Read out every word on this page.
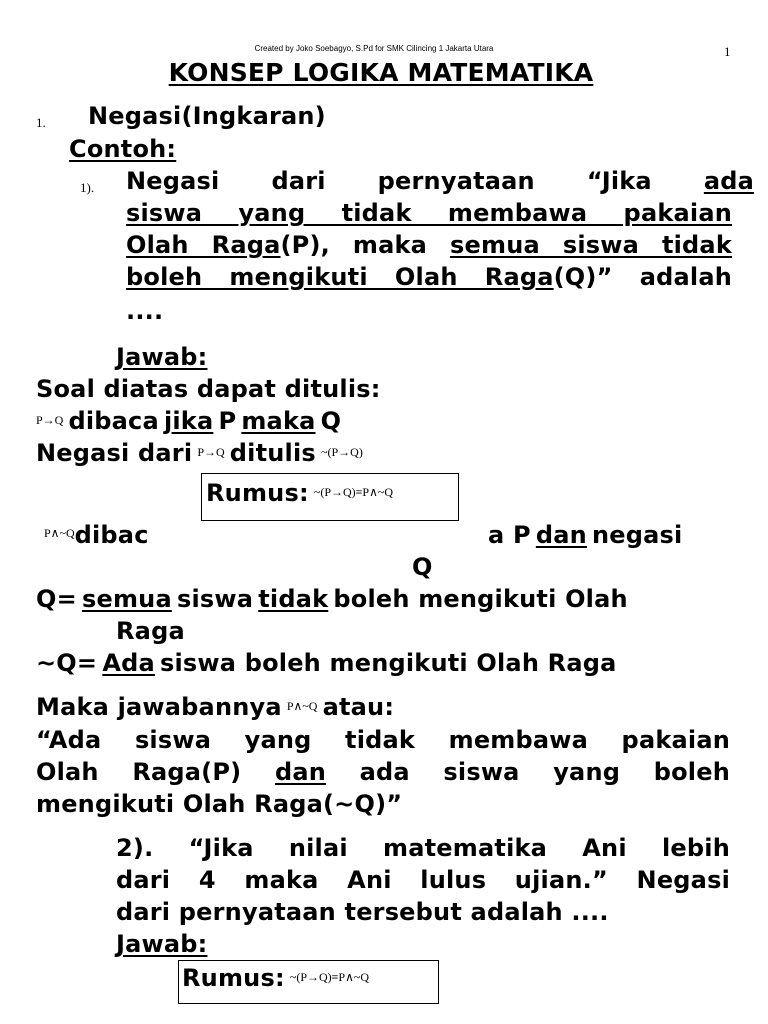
Created by Joko Soebagyo, S.Pd for SMK Cilincing 1 Jakarta Utara	1
KONSEP LOGIKA MATEMATIKA
1. Negasi(Ingkaran)
Contoh:
1). Negasi dari pernyataan “Jika ada
siswa yang tidak membawa pakaian
Olah Raga(P), maka semua siswa tidak
boleh mengikuti Olah Raga(Q)” adalah
....
Jawab:
Soal diatas dapat ditulis:
$^{P\to Q}$ dibaca jika P maka Q
Negasi dari $^{P\to Q}$ ditulis $^{\sim(P\to Q)}$
Rumus: $^{\sim(P\to Q)\equiv P\wedge\sim Q}$
$^{P\wedge\sim Q}$dibac	a P dan negasi
Q
Q= semua siswa tidak boleh mengikuti Olah
Raga
~Q= Ada siswa boleh mengikuti Olah Raga
Maka jawabannya $^{P\wedge\sim Q}$ atau:
“Ada siswa yang tidak membawa pakaian
Olah Raga(P) dan ada siswa yang boleh
mengikuti Olah Raga(~Q)”
2). “Jika nilai matematika Ani lebih
dari 4 maka Ani lulus ujian.” Negasi
dari pernyataan tersebut adalah ....
Jawab:
Rumus: $^{\sim(P\to Q)\equiv P\wedge\sim Q}$
